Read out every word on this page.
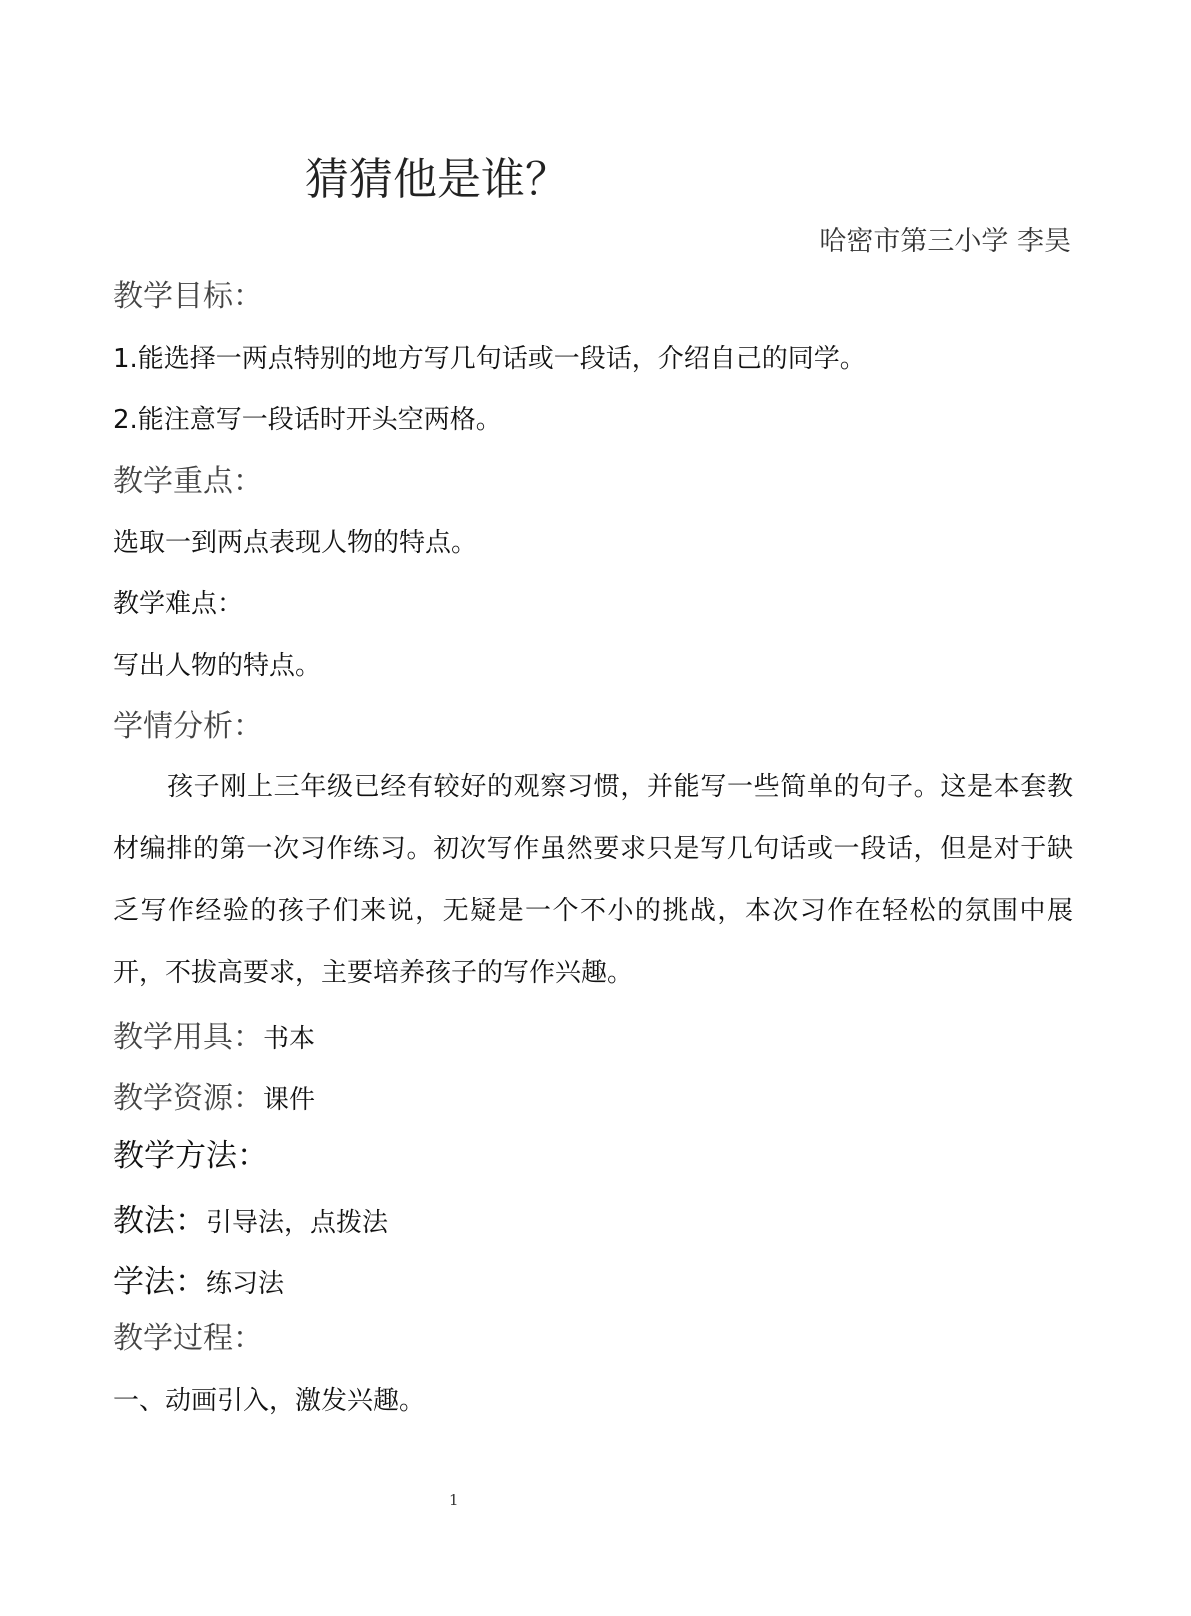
猜猜他是谁？
哈密市第三小学 李昊
教学目标：
1.能选择一两点特别的地方写几句话或一段话，介绍自己的同学。
2.能注意写一段话时开头空两格。
教学重点：
选取一到两点表现人物的特点。
教学难点：
写出人物的特点。
学情分析：
孩子刚上三年级已经有较好的观察习惯，并能写一些简单的句子。这是本套教材编排的第一次习作练习。初次写作虽然要求只是写几句话或一段话，但是对于缺乏写作经验的孩子们来说，无疑是一个不小的挑战，本次习作在轻松的氛围中展开，不拔高要求，主要培养孩子的写作兴趣。
教学用具：书本
教学资源：课件
教学方法：
教法：引导法，点拨法
学法：练习法
教学过程：
一、动画引入，激发兴趣。
1
